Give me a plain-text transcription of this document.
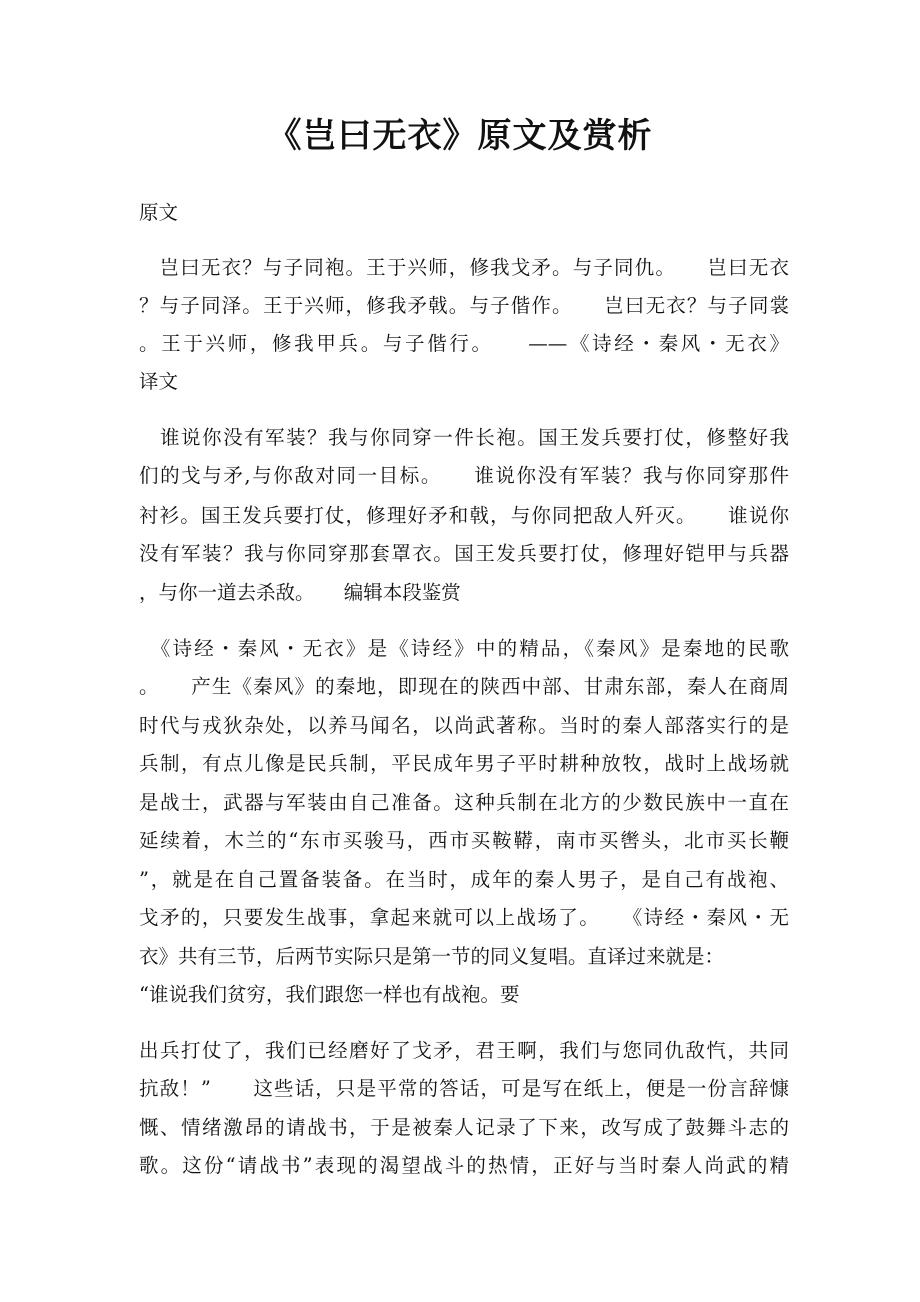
《岂曰无衣》原文及赏析
原文
　岂曰无衣？与子同袍。王于兴师，修我戈矛。与子同仇。　　岂曰无衣
？与子同泽。王于兴师，修我矛戟。与子偕作。　　岂曰无衣？与子同裳
。王于兴师，修我甲兵。与子偕行。　　——《诗经・秦风・无衣》
译文
　谁说你没有军装？我与你同穿一件长袍。国王发兵要打仗，修整好我
们的戈与矛,与你敌对同一目标。　　谁说你没有军装？我与你同穿那件
衬衫。国王发兵要打仗，修理好矛和戟，与你同把敌人歼灭。　　谁说你
没有军装？我与你同穿那套罩衣。国王发兵要打仗，修理好铠甲与兵器
，与你一道去杀敌。　　编辑本段鉴赏
　《诗经・秦风・无衣》是《诗经》中的精品，《秦风》是秦地的民歌
。　　产生《秦风》的秦地，即现在的陕西中部、甘肃东部，秦人在商周
时代与戎狄杂处，以养马闻名，以尚武著称。当时的秦人部落实行的是
兵制，有点儿像是民兵制，平民成年男子平时耕种放牧，战时上战场就
是战士，武器与军装由自己准备。这种兵制在北方的少数民族中一直在
延续着，木兰的“东市买骏马，西市买鞍鞯，南市买辔头，北市买长鞭
”，就是在自己置备装备。在当时，成年的秦人男子，是自己有战袍、
戈矛的，只要发生战事，拿起来就可以上战场了。　　《诗经・秦风・无
衣》共有三节，后两节实际只是第一节的同义复唱。直译过来就是：
“谁说我们贫穷，我们跟您一样也有战袍。要
出兵打仗了，我们已经磨好了戈矛，君王啊，我们与您同仇敌忾，共同
抗敌！”　　这些话，只是平常的答话，可是写在纸上，便是一份言辞慷
慨、情绪激昂的请战书，于是被秦人记录了下来，改写成了鼓舞斗志的
歌。这份“请战书”表现的渴望战斗的热情，正好与当时秦人尚武的精
